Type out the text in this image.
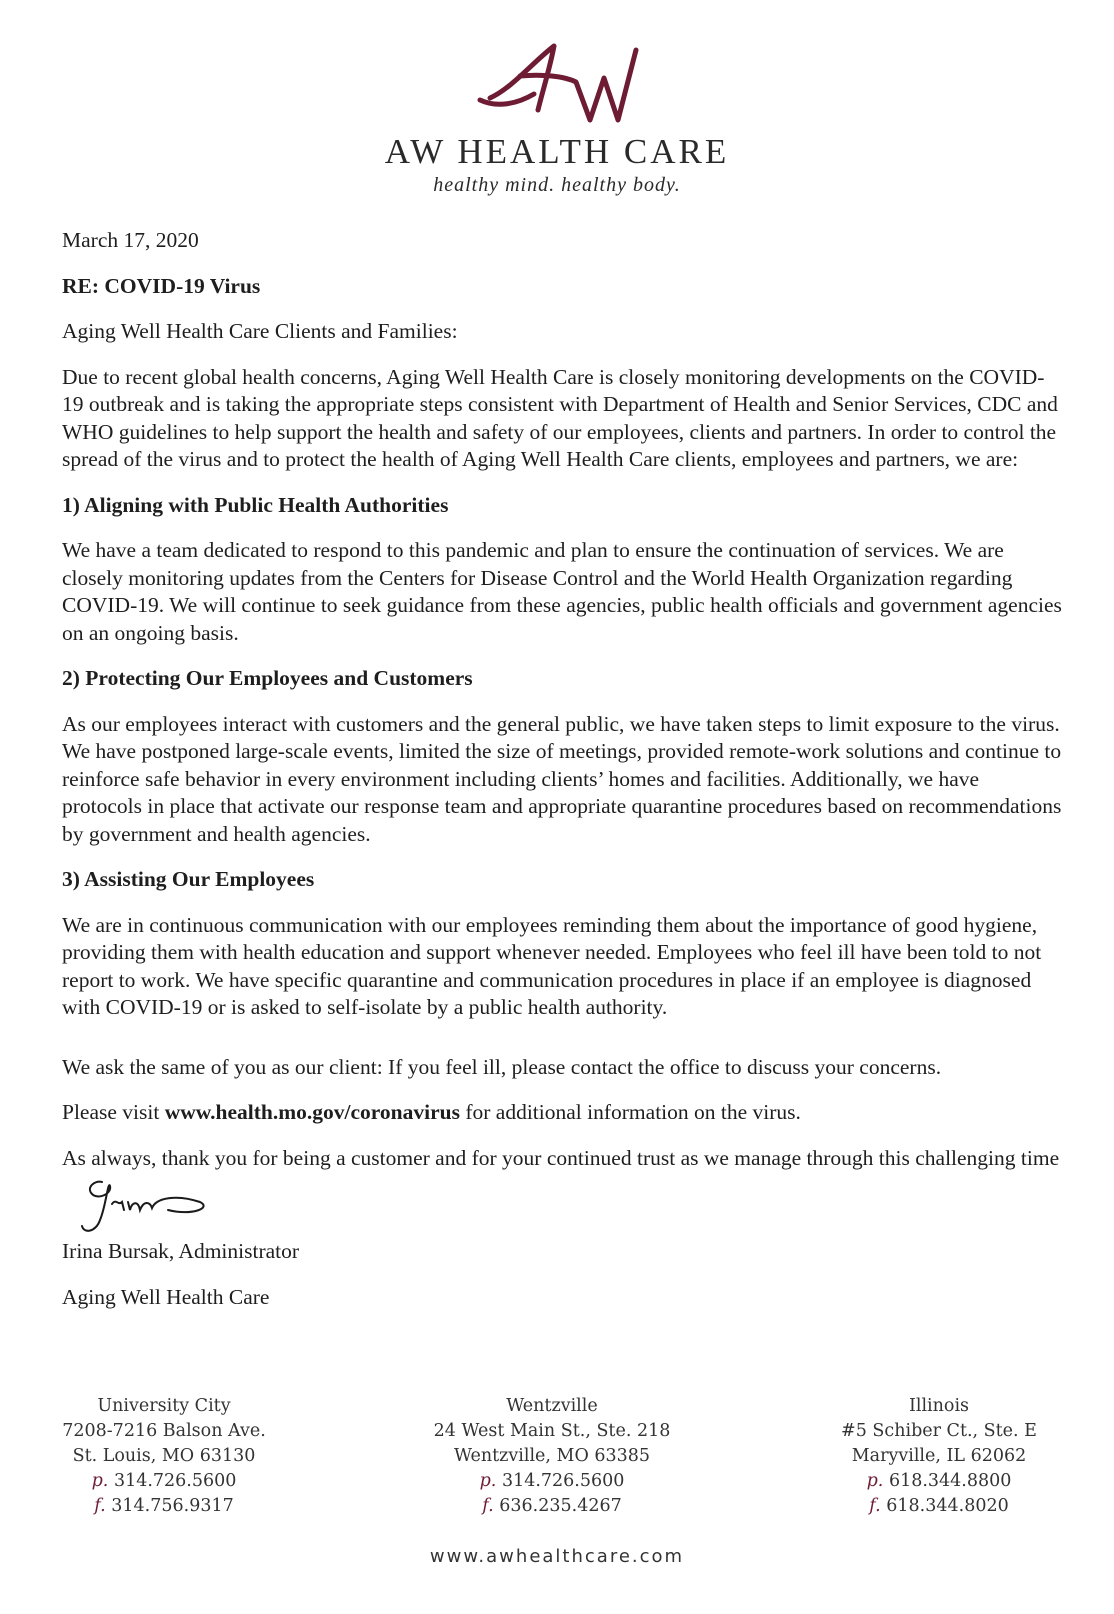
AW HEALTH CARE
healthy mind. healthy body.

March 17, 2020

RE: COVID-19 Virus

Aging Well Health Care Clients and Families:

Due to recent global health concerns, Aging Well Health Care is closely monitoring developments on the COVID-19 outbreak and is taking the appropriate steps consistent with Department of Health and Senior Services, CDC and WHO guidelines to help support the health and safety of our employees, clients and partners. In order to control the spread of the virus and to protect the health of Aging Well Health Care clients, employees and partners, we are:

1) Aligning with Public Health Authorities

We have a team dedicated to respond to this pandemic and plan to ensure the continuation of services. We are closely monitoring updates from the Centers for Disease Control and the World Health Organization regarding COVID-19. We will continue to seek guidance from these agencies, public health officials and government agencies on an ongoing basis.

2) Protecting Our Employees and Customers

As our employees interact with customers and the general public, we have taken steps to limit exposure to the virus. We have postponed large-scale events, limited the size of meetings, provided remote-work solutions and continue to reinforce safe behavior in every environment including clients’ homes and facilities. Additionally, we have protocols in place that activate our response team and appropriate quarantine procedures based on recommendations by government and health agencies.

3) Assisting Our Employees

We are in continuous communication with our employees reminding them about the importance of good hygiene, providing them with health education and support whenever needed. Employees who feel ill have been told to not report to work. We have specific quarantine and communication procedures in place if an employee is diagnosed with COVID-19 or is asked to self-isolate by a public health authority.

We ask the same of you as our client: If you feel ill, please contact the office to discuss your concerns.

Please visit www.health.mo.gov/coronavirus for additional information on the virus.

As always, thank you for being a customer and for your continued trust as we manage through this challenging time

Irina Bursak, Administrator

Aging Well Health Care

University City
7208-7216 Balson Ave.
St. Louis, MO 63130
p. 314.726.5600
f. 314.756.9317
Wentzville
24 West Main St., Ste. 218
Wentzville, MO 63385
p. 314.726.5600
f. 636.235.4267
Illinois
#5 Schiber Ct., Ste. E
Maryville, IL 62062
p. 618.344.8800
f. 618.344.8020
www.awhealthcare.com
